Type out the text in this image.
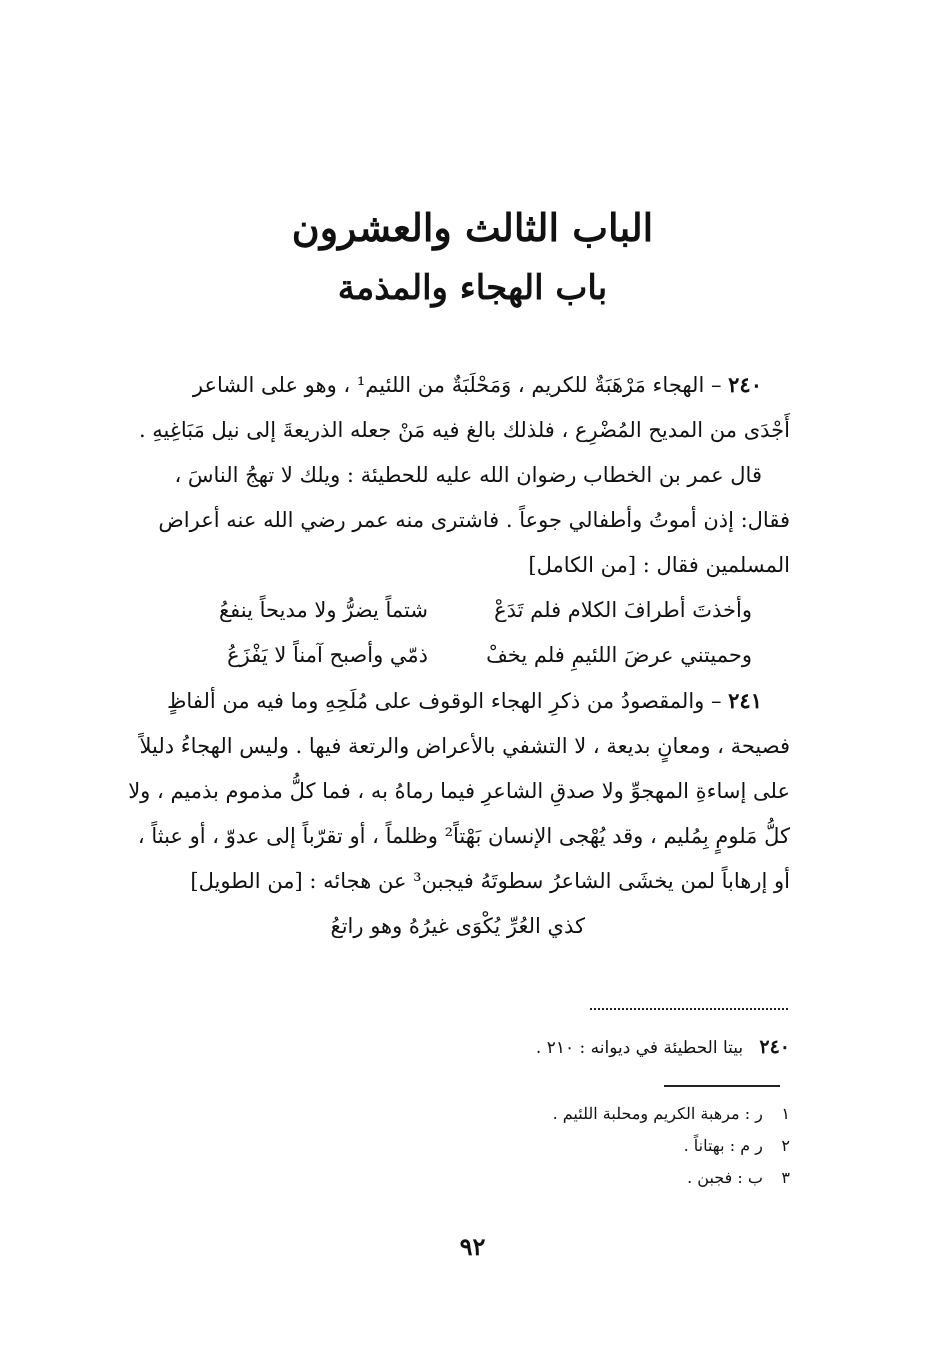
الباب الثالث والعشرون
باب الهجاء والمذمة

٢٤٠ – الهجاء مَرْهَبَةٌ للكريم ، وَمَحْلَبَةٌ من اللئيم¹ ، وهو على الشاعر

أَجْدَى من المديح المُضْرِع ، فلذلك بالغ فيه مَنْ جعله الذريعةَ إلى نيل مَبَاغِيهِ .

قال عمر بن الخطاب رضوان الله عليه للحطيئة : ويلك لا تهجُ الناسَ ،

فقال: إذن أموتُ وأطفالي جوعاً . فاشترى منه عمر رضي الله عنه أعراض

المسلمين فقال : [من الكامل]

وأخذتَ أطرافَ الكلام فلم تَدَعْ
شتماً يضرُّ ولا مديحاً ينفعُ
وحميتني عرضَ اللئيمِ فلم يخفْ
ذمّي وأصبح آمناً لا يَفْزَعُ

٢٤١ – والمقصودُ من ذكرِ الهجاء الوقوف على مُلَحِهِ وما فيه من ألفاظٍ

فصيحة ، ومعانٍ بديعة ، لا التشفي بالأعراض والرتعة فيها . وليس الهجاءُ دليلاً

على إساءةِ المهجوِّ ولا صدقِ الشاعرِ فيما رماهُ به ، فما كلُّ مذموم بذميم ، ولا

كلُّ مَلومٍ بِمُليم ، وقد يُهْجى الإنسان بَهْتاً² وظلماً ، أو تقرّباً إلى عدوّ ، أو عبثاً ،

أو إرهاباً لمن يخشَى الشاعرُ سطوتَهُ فيجبن³ عن هجائه : [من الطويل]

كذي العُرِّ يُكْوَى غيرُهُ وهو راتعُ

٢٤٠   بيتا الحطيئة في ديوانه : ٢١٠ .
١ ر : مرهبة الكريم ومحلبة اللئيم .
٢ ر م : بهتاناً .
٣ ب : فجبن .
٩٢
